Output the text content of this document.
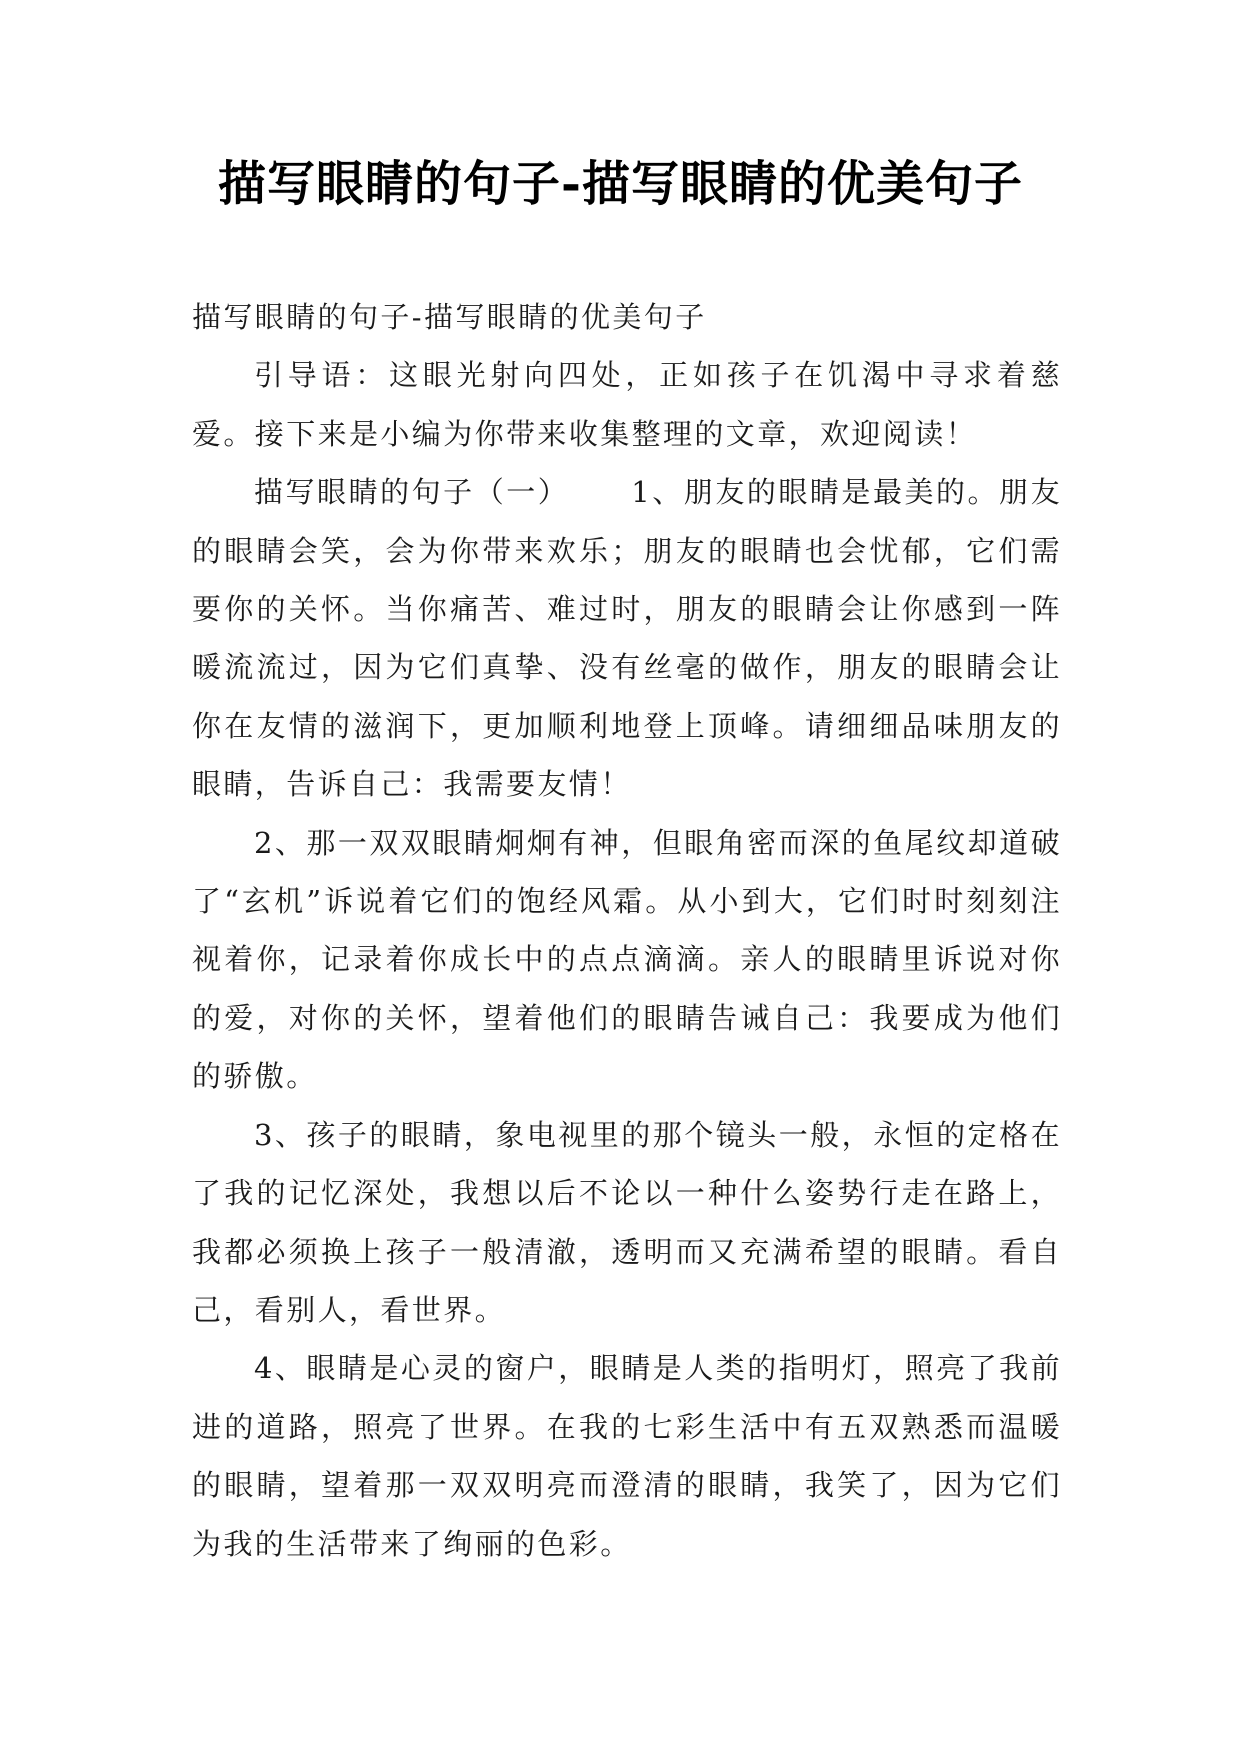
描写眼睛的句子-描写眼睛的优美句子

描写眼睛的句子-描写眼睛的优美句子

引导语：这眼光射向四处，正如孩子在饥渴中寻求着慈爱。接下来是小编为你带来收集整理的文章，欢迎阅读！

描写眼睛的句子（一） 1、朋友的眼睛是最美的。朋友的眼睛会笑，会为你带来欢乐；朋友的眼睛也会忧郁，它们需要你的关怀。当你痛苦、难过时，朋友的眼睛会让你感到一阵暖流流过，因为它们真挚、没有丝毫的做作，朋友的眼睛会让你在友情的滋润下，更加顺利地登上顶峰。请细细品味朋友的眼睛，告诉自己：我需要友情！

2、那一双双眼睛炯炯有神，但眼角密而深的鱼尾纹却道破了“玄机”诉说着它们的饱经风霜。从小到大，它们时时刻刻注视着你，记录着你成长中的点点滴滴。亲人的眼睛里诉说对你的爱，对你的关怀，望着他们的眼睛告诫自己：我要成为他们的骄傲。

3、孩子的眼睛，象电视里的那个镜头一般，永恒的定格在了我的记忆深处，我想以后不论以一种什么姿势行走在路上，我都必须换上孩子一般清澈，透明而又充满希望的眼睛。看自己，看别人，看世界。

4、眼睛是心灵的窗户，眼睛是人类的指明灯，照亮了我前进的道路，照亮了世界。在我的七彩生活中有五双熟悉而温暖的眼睛，望着那一双双明亮而澄清的眼睛，我笑了，因为它们为我的生活带来了绚丽的色彩。
